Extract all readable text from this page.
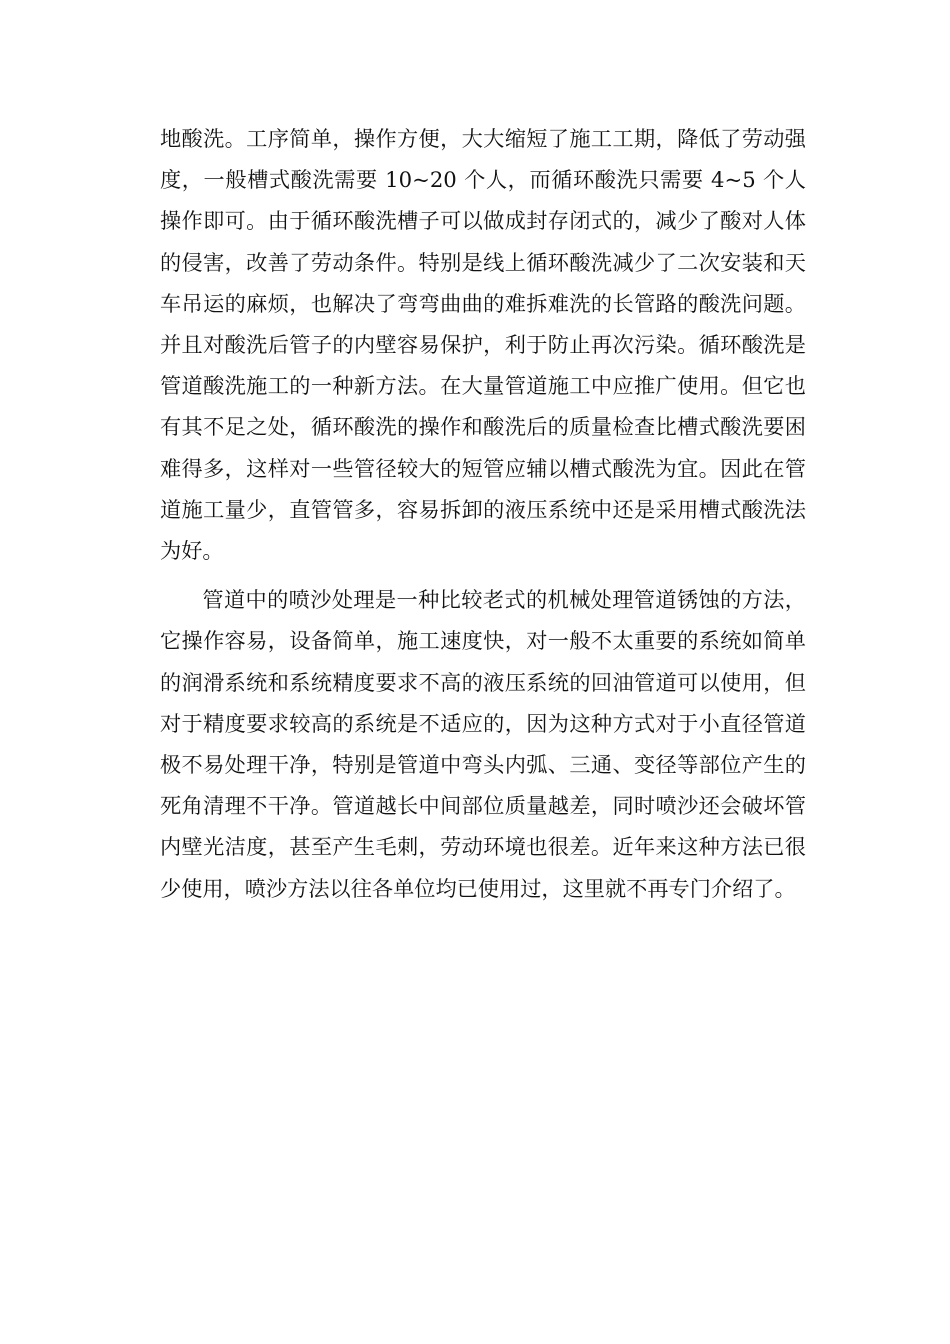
地酸洗。工序简单，操作方便，大大缩短了施工工期，降低了劳动强度，一般槽式酸洗需要 10~20 个人，而循环酸洗只需要 4~5 个人操作即可。由于循环酸洗槽子可以做成封存闭式的，减少了酸对人体的侵害，改善了劳动条件。特别是线上循环酸洗减少了二次安装和天车吊运的麻烦，也解决了弯弯曲曲的难拆难洗的长管路的酸洗问题。并且对酸洗后管子的内壁容易保护，利于防止再次污染。循环酸洗是管道酸洗施工的一种新方法。在大量管道施工中应推广使用。但它也有其不足之处，循环酸洗的操作和酸洗后的质量检查比槽式酸洗要困难得多，这样对一些管径较大的短管应辅以槽式酸洗为宜。因此在管道施工量少，直管管多，容易拆卸的液压系统中还是采用槽式酸洗法为好。

管道中的喷沙处理是一种比较老式的机械处理管道锈蚀的方法，它操作容易，设备简单，施工速度快，对一般不太重要的系统如简单的润滑系统和系统精度要求不高的液压系统的回油管道可以使用，但对于精度要求较高的系统是不适应的，因为这种方式对于小直径管道极不易处理干净，特别是管道中弯头内弧、三通、变径等部位产生的死角清理不干净。管道越长中间部位质量越差，同时喷沙还会破坏管内壁光洁度，甚至产生毛刺，劳动环境也很差。近年来这种方法已很少使用，喷沙方法以往各单位均已使用过，这里就不再专门介绍了。
